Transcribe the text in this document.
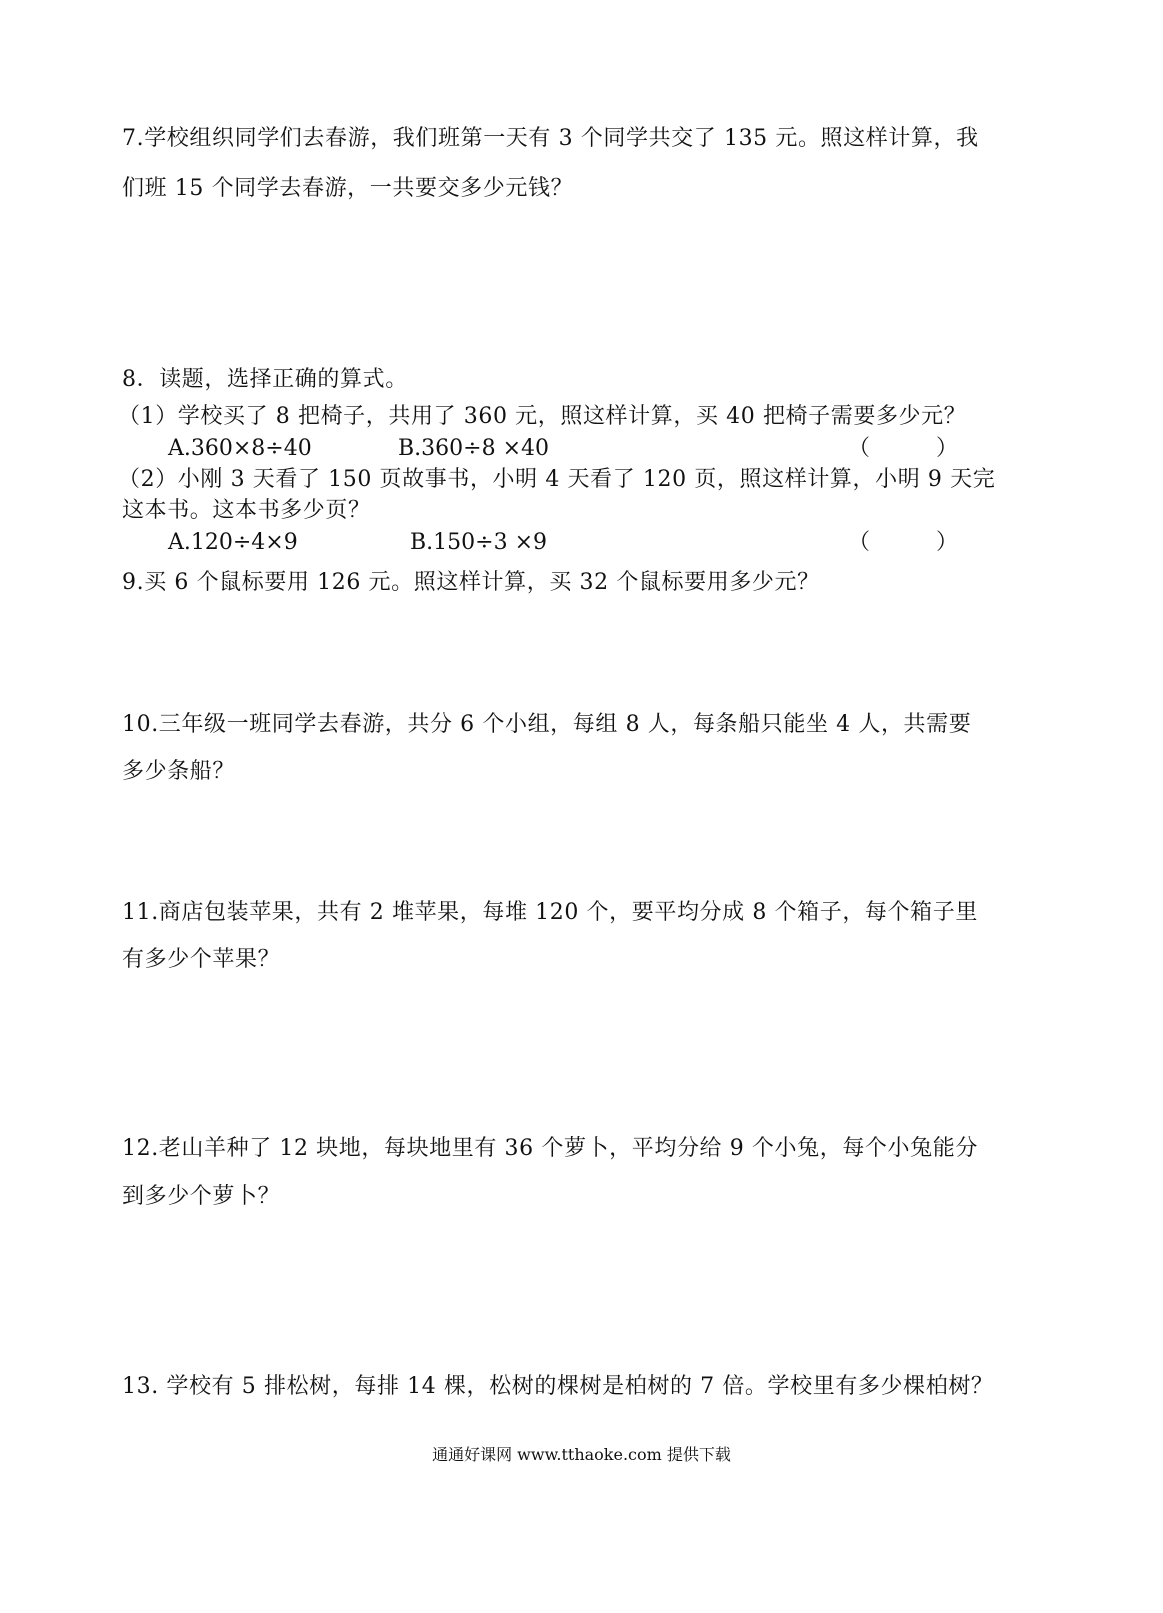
7.学校组织同学们去春游，我们班第一天有 3 个同学共交了 135 元。照这样计算，我
们班 15 个同学去春游，一共要交多少元钱？
8．读题，选择正确的算式。
（1）学校买了 8 把椅子，共用了 360 元，照这样计算，买 40 把椅子需要多少元？
A.360×8÷40	B.360÷8 ×40	（　　　）
（2）小刚 3 天看了 150 页故事书，小明 4 天看了 120 页，照这样计算，小明 9 天完
这本书。这本书多少页？
A.120÷4×9	B.150÷3 ×9	（　　　）
9.买 6 个鼠标要用 126 元。照这样计算，买 32 个鼠标要用多少元？
10.三年级一班同学去春游，共分 6 个小组，每组 8 人，每条船只能坐 4 人，共需要
多少条船？
11.商店包装苹果，共有 2 堆苹果，每堆 120 个，要平均分成 8 个箱子，每个箱子里
有多少个苹果？
12.老山羊种了 12 块地，每块地里有 36 个萝卜，平均分给 9 个小兔，每个小兔能分
到多少个萝卜？
13. 学校有 5 排松树，每排 14 棵，松树的棵树是柏树的 7 倍。学校里有多少棵柏树？
通通好课网 www.tthaoke.com 提供下载
